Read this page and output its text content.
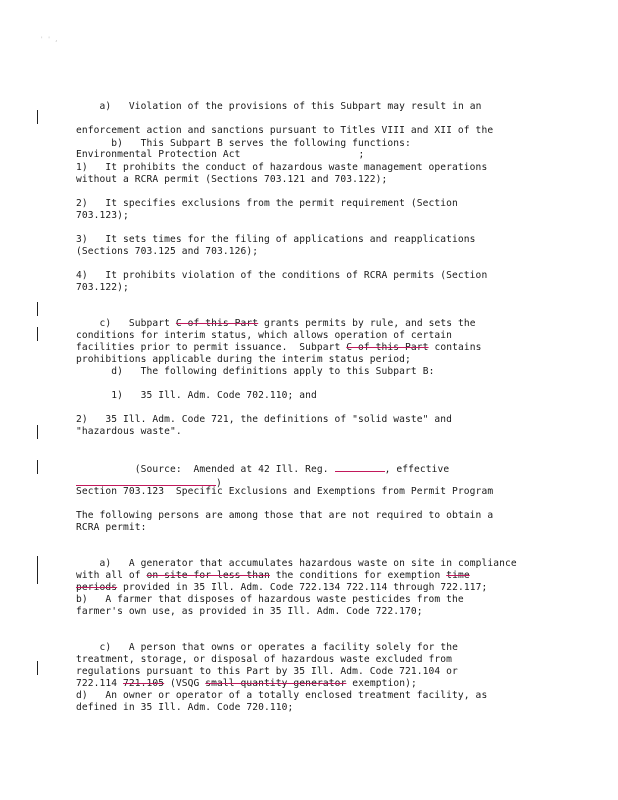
' ' ,

a)   Violation of the provisions of this Subpart may result in an

enforcement action and sanctions pursuant to Titles VIII and XII of the

Environmental Protection Act	;

b)   This Subpart B serves the following functions:
1)   It prohibits the conduct of hazardous waste management operations
without a RCRA permit (Sections 703.121 and 703.122);
2)   It specifies exclusions from the permit requirement (Section
703.123);
3)   It sets times for the filing of applications and reapplications
(Sections 703.125 and 703.126);
4)   It prohibits violation of the conditions of RCRA permits (Section
703.122);

c)   Subpart C of this Part grants permits by rule, and sets the
conditions for interim status, which allows operation of certain
facilities prior to permit issuance.  Subpart C of this Part contains
prohibitions applicable during the interim status period;

d)   The following definitions apply to this Subpart B:
1)   35 Ill. Adm. Code 702.110; and
2)   35 Ill. Adm. Code 721, the definitions of "solid waste" and
"hazardous waste".

(Source:  Amended at 42 Ill. Reg.	, effective
)

Section 703.123  Specific Exclusions and Exemptions from Permit Program
The following persons are among those that are not required to obtain a
RCRA permit:

a)   A generator that accumulates hazardous waste on site in compliance
with all of on site for less than the conditions for exemption time
periods provided in 35 Ill. Adm. Code 722.134 722.114 through 722.117;

b)   A farmer that disposes of hazardous waste pesticides from the
farmer's own use, as provided in 35 Ill. Adm. Code 722.170;

c)   A person that owns or operates a facility solely for the
treatment, storage, or disposal of hazardous waste excluded from
regulations pursuant to this Part by 35 Ill. Adm. Code 721.104 or
722.114 721.105 (VSQG small quantity generator exemption);

d)   An owner or operator of a totally enclosed treatment facility, as
defined in 35 Ill. Adm. Code 720.110;
